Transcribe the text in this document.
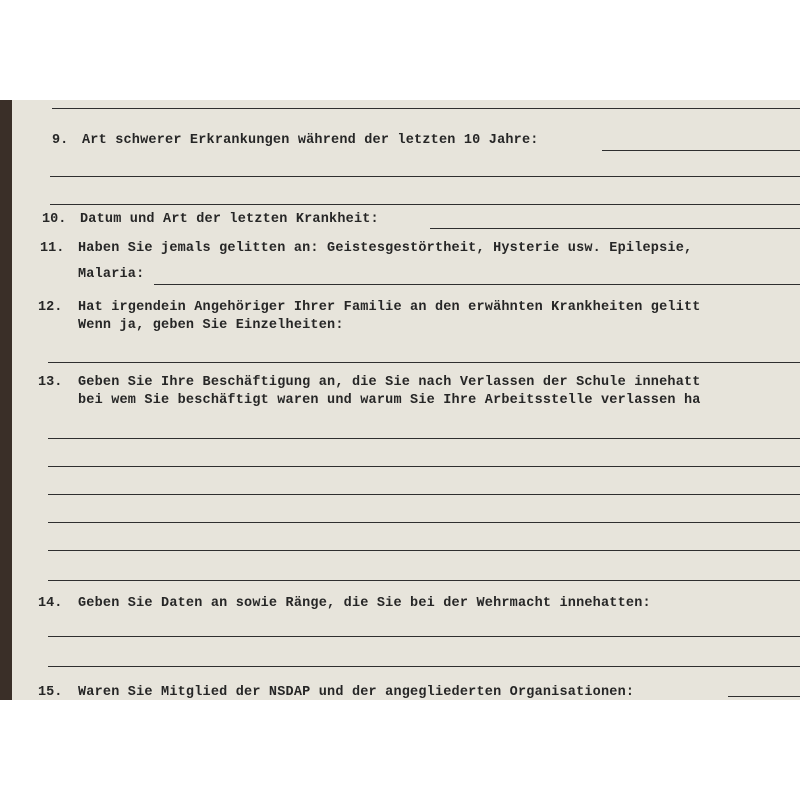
9. Art schwerer Erkrankungen während der letzten 10 Jahre:
10. Datum und Art der letzten Krankheit:
11. Haben Sie jemals gelitten an: Geistesgestörtheit, Hysterie usw. Epilepsie,
Malaria:
12. Hat irgendein Angehöriger Ihrer Familie an den erwähnten Krankheiten gelitt
Wenn ja, geben Sie Einzelheiten:
13. Geben Sie Ihre Beschäftigung an, die Sie nach Verlassen der Schule innehatt
bei wem Sie beschäftigt waren und warum Sie Ihre Arbeitsstelle verlassen ha
14. Geben Sie Daten an sowie Ränge, die Sie bei der Wehrmacht innehatten:
15. Waren Sie Mitglied der NSDAP und der angegliederten Organisationen:
